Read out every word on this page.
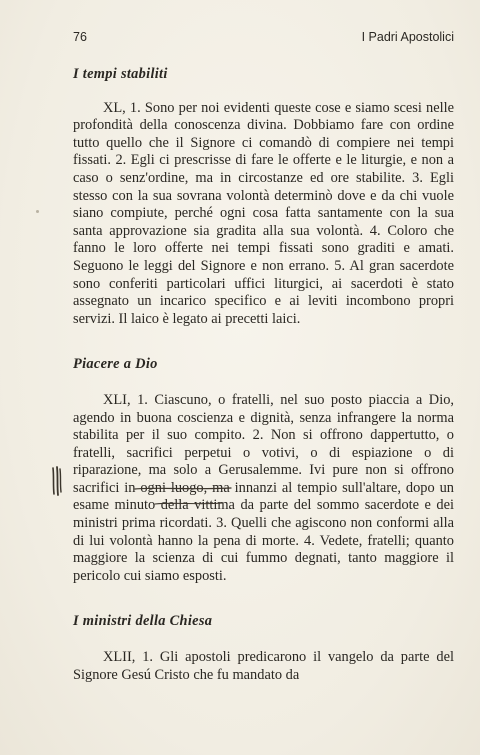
76	I Padri Apostolici
I tempi stabiliti

XL, 1. Sono per noi evidenti queste cose e siamo scesi nelle profondità della conoscenza divina. Dobbiamo fare con ordine tutto quello che il Signore ci comandò di compiere nei tempi fissati. 2. Egli ci prescrisse di fare le offerte e le liturgie, e non a caso o senz'ordine, ma in circostanze ed ore stabilite. 3. Egli stesso con la sua sovrana volontà determinò dove e da chi vuole siano compiute, perché ogni cosa fatta santamente con la sua santa approvazione sia gradita alla sua volontà. 4. Coloro che fanno le loro offerte nei tempi fissati sono graditi e amati. Seguono le leggi del Signore e non errano. 5. Al gran sacerdote sono conferiti particolari uffici liturgici, ai sacerdoti è stato assegnato un incarico specifico e ai leviti incombono propri servizi. Il laico è legato ai precetti laici.

Piacere a Dio

XLI, 1. Ciascuno, o fratelli, nel suo posto piaccia a Dio, agendo in buona coscienza e dignità, senza infrangere la norma stabilita per il suo compito. 2. Non si offrono dappertutto, o fratelli, sacrifici perpetui o votivi, o di espiazione o di riparazione, ma solo a Gerusalemme. Ivi pure non si offrono sacrifici in ogni luogo, ma innanzi al tempio sull'altare, dopo un esame minuto della vittima da parte del sommo sacerdote e dei ministri prima ricordati. 3. Quelli che agiscono non conformi alla di lui volontà hanno la pena di morte. 4. Vedete, fratelli; quanto maggiore la scienza di cui fummo degnati, tanto maggiore il pericolo cui siamo esposti.

I ministri della Chiesa

XLII, 1. Gli apostoli predicarono il vangelo da parte del Signore Gesú Cristo che fu mandato da
